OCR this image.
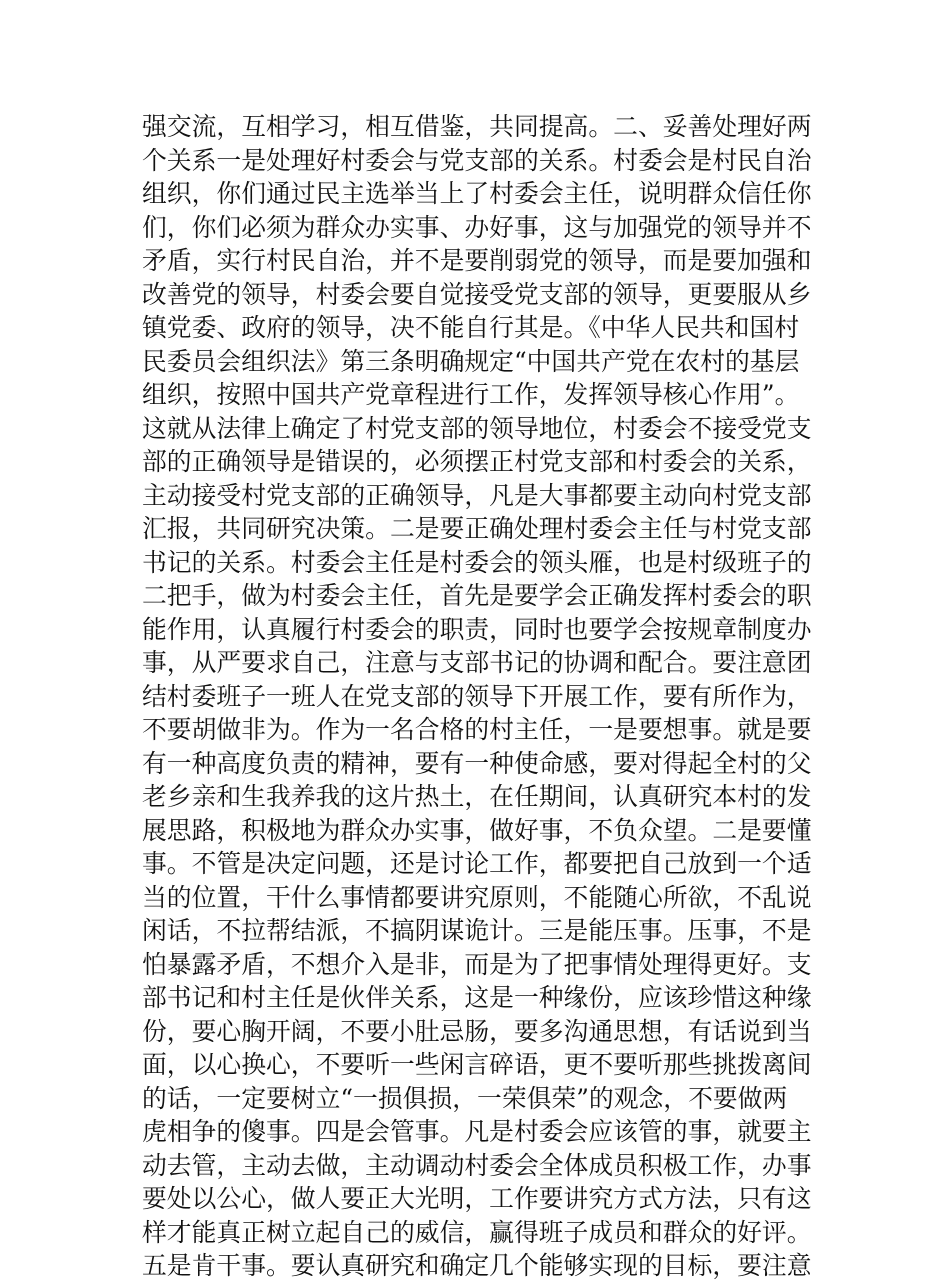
强交流，互相学习，相互借鉴，共同提高。二、妥善处理好两
个关系一是处理好村委会与党支部的关系。村委会是村民自治
组织，你们通过民主选举当上了村委会主任，说明群众信任你
们，你们必须为群众办实事、办好事，这与加强党的领导并不
矛盾，实行村民自治，并不是要削弱党的领导，而是要加强和
改善党的领导，村委会要自觉接受党支部的领导，更要服从乡
镇党委、政府的领导，决不能自行其是。《中华人民共和国村
民委员会组织法》第三条明确规定“中国共产党在农村的基层
组织，按照中国共产党章程进行工作，发挥领导核心作用”。
这就从法律上确定了村党支部的领导地位，村委会不接受党支
部的正确领导是错误的，必须摆正村党支部和村委会的关系，
主动接受村党支部的正确领导，凡是大事都要主动向村党支部
汇报，共同研究决策。二是要正确处理村委会主任与村党支部
书记的关系。村委会主任是村委会的领头雁，也是村级班子的
二把手，做为村委会主任，首先是要学会正确发挥村委会的职
能作用，认真履行村委会的职责，同时也要学会按规章制度办
事，从严要求自己，注意与支部书记的协调和配合。要注意团
结村委班子一班人在党支部的领导下开展工作，要有所作为，
不要胡做非为。作为一名合格的村主任，一是要想事。就是要
有一种高度负责的精神，要有一种使命感，要对得起全村的父
老乡亲和生我养我的这片热土，在任期间，认真研究本村的发
展思路，积极地为群众办实事，做好事，不负众望。二是要懂
事。不管是决定问题，还是讨论工作，都要把自己放到一个适
当的位置，干什么事情都要讲究原则，不能随心所欲，不乱说
闲话，不拉帮结派，不搞阴谋诡计。三是能压事。压事，不是
怕暴露矛盾，不想介入是非，而是为了把事情处理得更好。支
部书记和村主任是伙伴关系，这是一种缘份，应该珍惜这种缘
份，要心胸开阔，不要小肚忌肠，要多沟通思想，有话说到当
面，以心换心，不要听一些闲言碎语，更不要听那些挑拨离间
的话，一定要树立“一损俱损，一荣俱荣”的观念，不要做两
虎相争的傻事。四是会管事。凡是村委会应该管的事，就要主
动去管，主动去做，主动调动村委会全体成员积极工作，办事
要处以公心，做人要正大光明，工作要讲究方式方法，只有这
样才能真正树立起自己的威信，赢得班子成员和群众的好评。
五是肯干事。要认真研究和确定几个能够实现的目标，要注意
